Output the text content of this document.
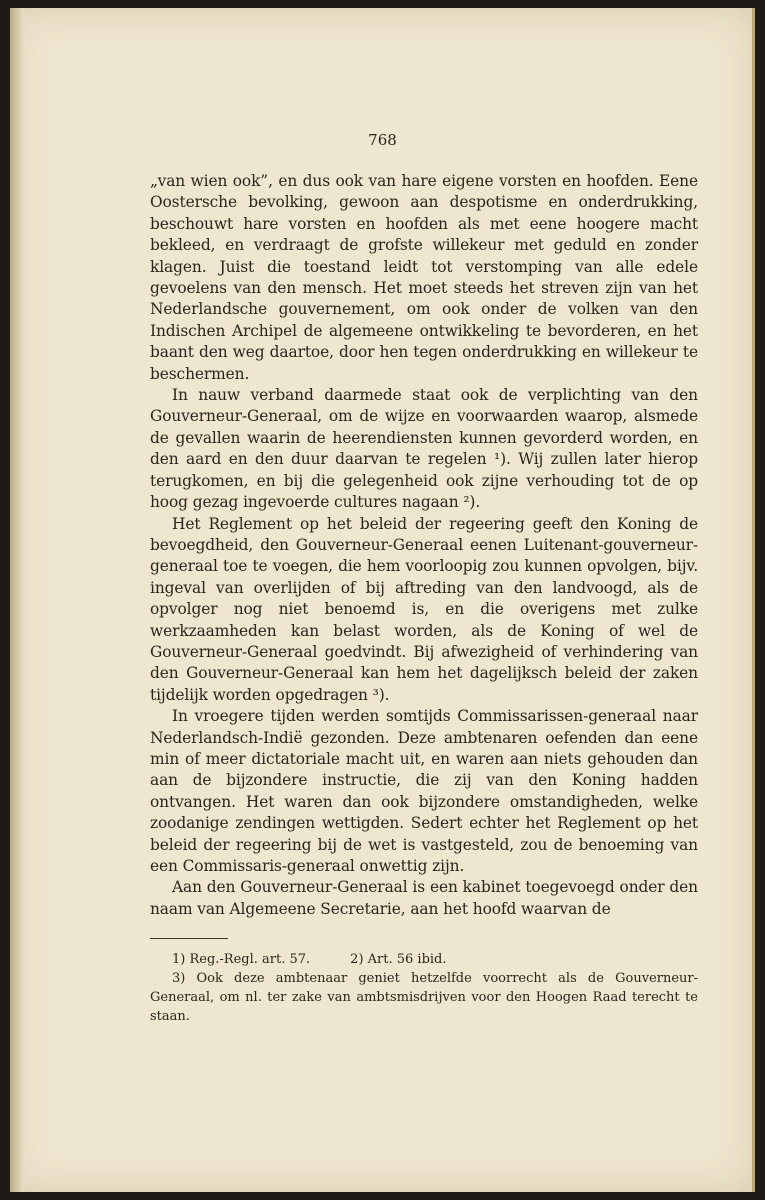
768

„van wien ook”, en dus ook van hare eigene vorsten en hoofden. Eene Oostersche bevolking, gewoon aan despotisme en onderdrukking, beschouwt hare vorsten en hoofden als met eene hoogere macht bekleed, en verdraagt de grofste willekeur met geduld en zonder klagen. Juist die toestand leidt tot verstomping van alle edele gevoelens van den mensch. Het moet steeds het streven zijn van het Nederlandsche gouvernement, om ook onder de volken van den Indischen Archipel de algemeene ontwikkeling te bevorderen, en het baant den weg daartoe, door hen tegen onderdrukking en willekeur te beschermen.

In nauw verband daarmede staat ook de verplichting van den Gouverneur-Generaal, om de wijze en voorwaarden waarop, alsmede de gevallen waarin de heerendiensten kunnen gevorderd worden, en den aard en den duur daarvan te regelen ¹). Wij zullen later hierop terugkomen, en bij die gelegenheid ook zijne verhouding tot de op hoog gezag ingevoerde cultures nagaan ²).

Het Reglement op het beleid der regeering geeft den Koning de bevoegdheid, den Gouverneur-Generaal eenen Luitenant-gouverneur-generaal toe te voegen, die hem voorloopig zou kunnen opvolgen, bijv. ingeval van overlijden of bij aftreding van den landvoogd, als de opvolger nog niet benoemd is, en die overigens met zulke werkzaamheden kan belast worden, als de Koning of wel de Gouverneur-Generaal goedvindt. Bij afwezigheid of verhindering van den Gouverneur-Generaal kan hem het dagelijksch beleid der zaken tijdelijk worden opgedragen ³).

In vroegere tijden werden somtijds Commissarissen-generaal naar Nederlandsch-Indië gezonden. Deze ambtenaren oefenden dan eene min of meer dictatoriale macht uit, en waren aan niets gehouden dan aan de bijzondere instructie, die zij van den Koning hadden ontvangen. Het waren dan ook bijzondere omstandigheden, welke zoodanige zendingen wettigden. Sedert echter het Reglement op het beleid der regeering bij de wet is vastgesteld, zou de benoeming van een Commissaris-generaal onwettig zijn.

Aan den Gouverneur-Generaal is een kabinet toegevoegd onder den naam van Algemeene Secretarie, aan het hoofd waarvan de

1) Reg.-Regl. art. 57.	2) Art. 56 ibid.

3) Ook deze ambtenaar geniet hetzelfde voorrecht als de Gouverneur-Generaal, om nl. ter zake van ambtsmisdrijven voor den Hoogen Raad terecht te staan.
